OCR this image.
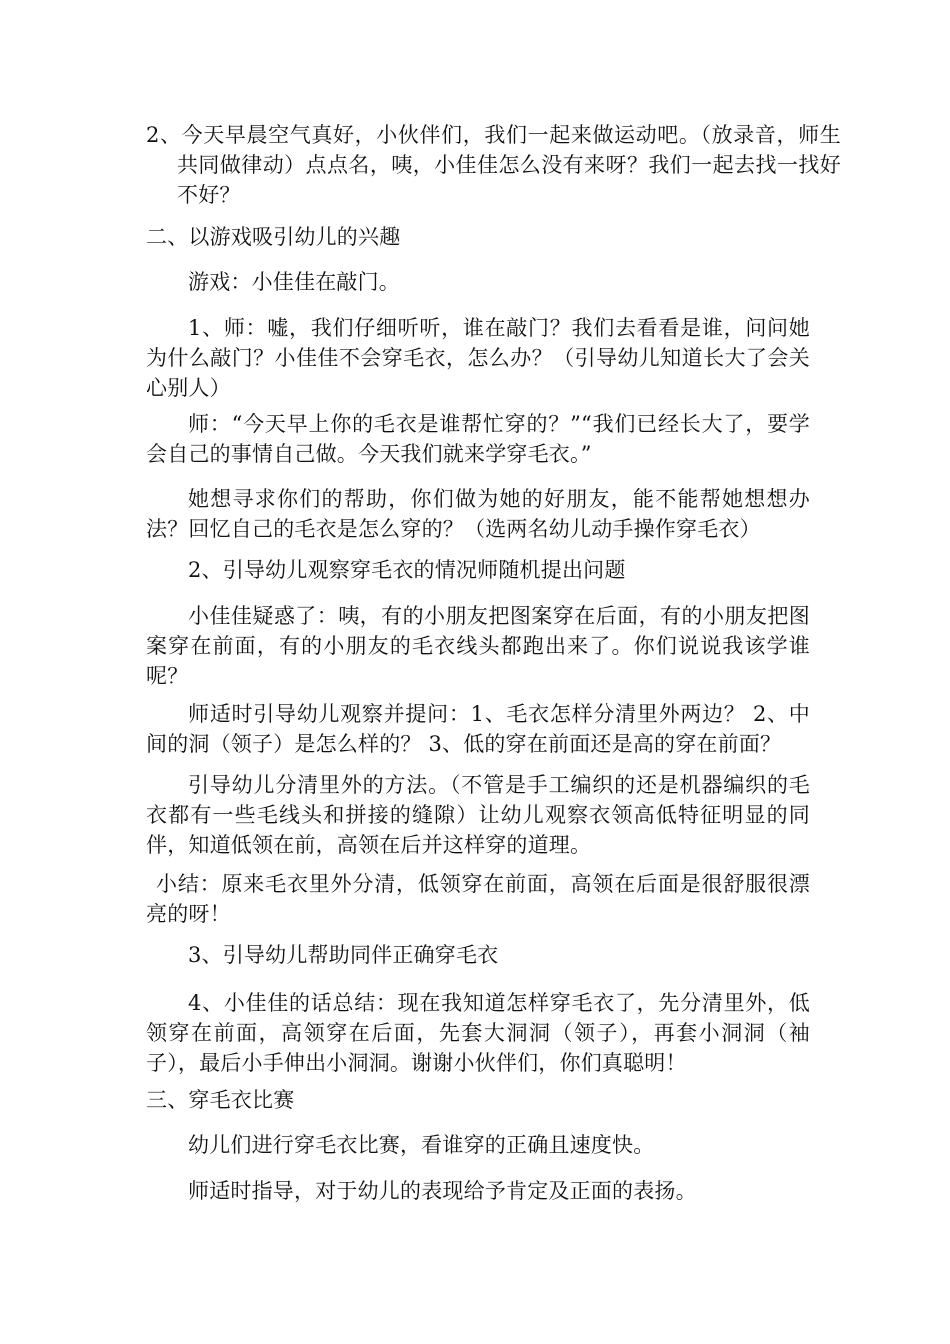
2、今天早晨空气真好，小伙伴们，我们一起来做运动吧。（放录音，师生共同做律动）点点名，咦，小佳佳怎么没有来呀？我们一起去找一找好不好？

二、以游戏吸引幼儿的兴趣

游戏：小佳佳在敲门。

1、师：嘘，我们仔细听听，谁在敲门？我们去看看是谁，问问她为什么敲门？小佳佳不会穿毛衣，怎么办？（引导幼儿知道长大了会关心别人）

师：“今天早上你的毛衣是谁帮忙穿的？”“我们已经长大了，要学会自己的事情自己做。今天我们就来学穿毛衣。”

她想寻求你们的帮助，你们做为她的好朋友，能不能帮她想想办法？回忆自己的毛衣是怎么穿的？（选两名幼儿动手操作穿毛衣）

2、引导幼儿观察穿毛衣的情况师随机提出问题

小佳佳疑惑了：咦，有的小朋友把图案穿在后面，有的小朋友把图案穿在前面，有的小朋友的毛衣线头都跑出来了。你们说说我该学谁呢？

师适时引导幼儿观察并提问：1、毛衣怎样分清里外两边？ 2、中间的洞（领子）是怎么样的？ 3、低的穿在前面还是高的穿在前面？

引导幼儿分清里外的方法。（不管是手工编织的还是机器编织的毛衣都有一些毛线头和拼接的缝隙）让幼儿观察衣领高低特征明显的同伴，知道低领在前，高领在后并这样穿的道理。

小结：原来毛衣里外分清，低领穿在前面，高领在后面是很舒服很漂亮的呀！

3、引导幼儿帮助同伴正确穿毛衣

4、小佳佳的话总结：现在我知道怎样穿毛衣了，先分清里外，低领穿在前面，高领穿在后面，先套大洞洞（领子），再套小洞洞（袖子），最后小手伸出小洞洞。谢谢小伙伴们，你们真聪明！

三、穿毛衣比赛

幼儿们进行穿毛衣比赛，看谁穿的正确且速度快。

师适时指导，对于幼儿的表现给予肯定及正面的表扬。
